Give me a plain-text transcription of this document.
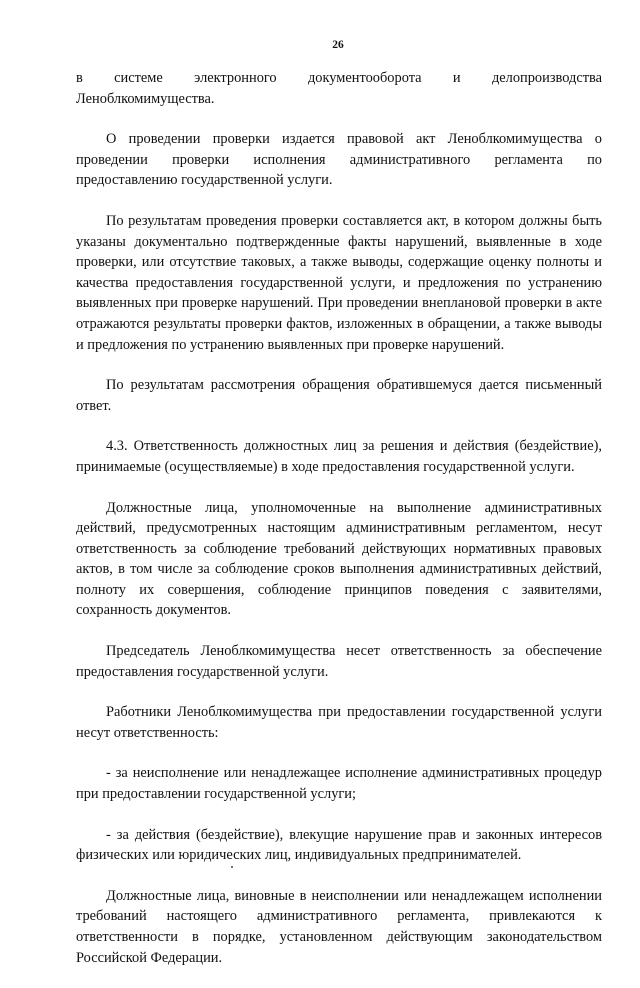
26

в системе электронного документооборота и делопроизводства Леноблкомимущества.

О проведении проверки издается правовой акт Леноблкомимущества о проведении проверки исполнения административного регламента по предоставлению государственной услуги.

По результатам проведения проверки составляется акт, в котором должны быть указаны документально подтвержденные факты нарушений, выявленные в ходе проверки, или отсутствие таковых, а также выводы, содержащие оценку полноты и качества предоставления государственной услуги, и предложения по устранению выявленных при проверке нарушений. При проведении внеплановой проверки в акте отражаются результаты проверки фактов, изложенных в обращении, а также выводы и предложения по устранению выявленных при проверке нарушений.

По результатам рассмотрения обращения обратившемуся дается письменный ответ.

4.3. Ответственность должностных лиц за решения и действия (бездействие), принимаемые (осуществляемые) в ходе предоставления государственной услуги.

Должностные лица, уполномоченные на выполнение административных действий, предусмотренных настоящим административным регламентом, несут ответственность за соблюдение требований действующих нормативных правовых актов, в том числе за соблюдение сроков выполнения административных действий, полноту их совершения, соблюдение принципов поведения с заявителями, сохранность документов.

Председатель Леноблкомимущества несет ответственность за обеспечение предоставления государственной услуги.

Работники Леноблкомимущества при предоставлении государственной услуги несут ответственность:

- за неисполнение или ненадлежащее исполнение административных процедур при предоставлении государственной услуги;

- за действия (бездействие), влекущие нарушение прав и законных интересов физических или юридических лиц, индивидуальных предпринимателей.

Должностные лица, виновные в неисполнении или ненадлежащем исполнении требований настоящего административного регламента, привлекаются к ответственности в порядке, установленном действующим законодательством Российской Федерации.
